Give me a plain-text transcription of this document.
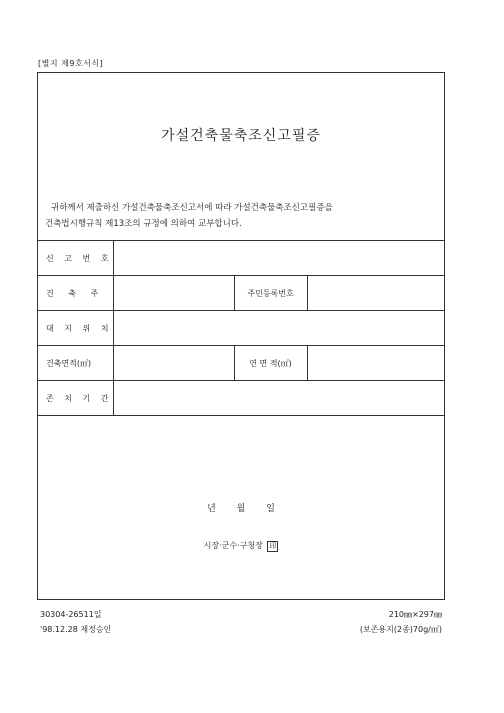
[별지 제9호서식]
가설건축물축조신고필증
귀하께서 제출하신 가설건축물축조신고서에 따라 가설건축물축조신고필증을
건축법시행규칙 제13조의 규정에 의하여 교부합니다.
신 고 번 호			
건 축 주		주민등록번호	
대 지 위 치			
건축면적(㎡)		연 면 적(㎡)	
존 치 기 간			
년 월 일
시장·군수·구청장 印
30304-26511일
'98.12.28 제정승인
210㎜×297㎜
(보존용지(2종)70g/㎡)
